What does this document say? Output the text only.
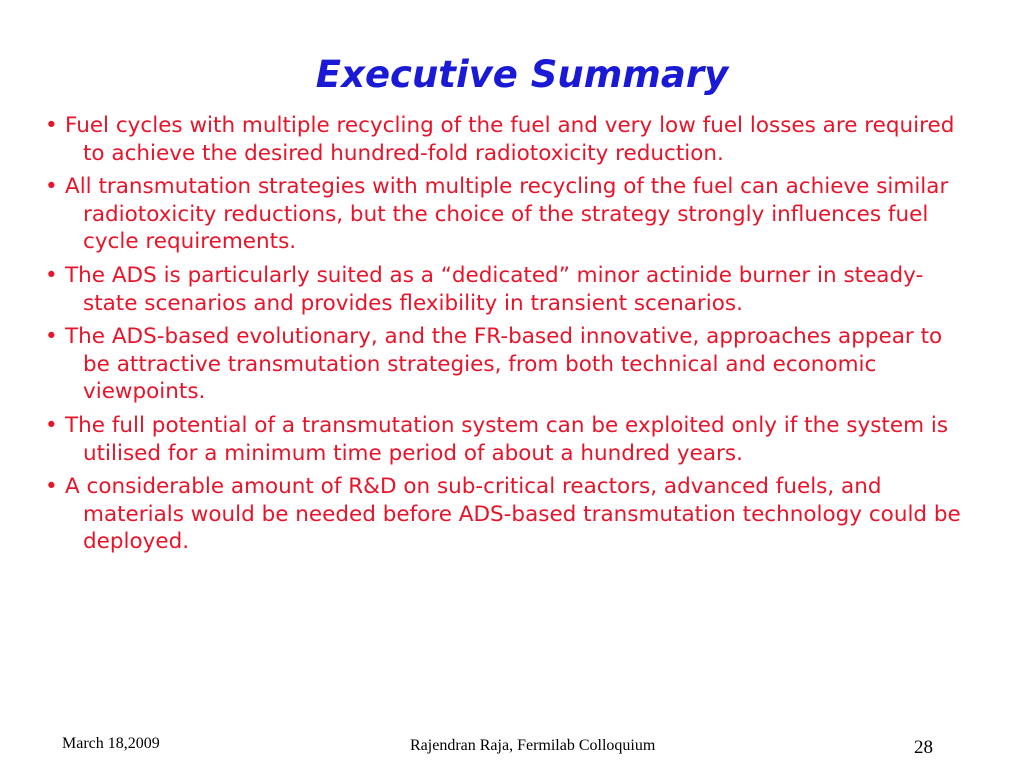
Executive Summary
• Fuel cycles with multiple recycling of the fuel and very low fuel losses are required to achieve the desired hundred-fold radiotoxicity reduction.
• All transmutation strategies with multiple recycling of the fuel can achieve similar radiotoxicity reductions, but the choice of the strategy strongly influences fuel cycle requirements.
• The ADS is particularly suited as a “dedicated” minor actinide burner in steady-state scenarios and provides flexibility in transient scenarios.
• The ADS-based evolutionary, and the FR-based innovative, approaches appear to be attractive transmutation strategies, from both technical and economic viewpoints.
• The full potential of a transmutation system can be exploited only if the system is utilised for a minimum time period of about a hundred years.
• A considerable amount of R&D on sub-critical reactors, advanced fuels, and materials would be needed before ADS-based transmutation technology could be deployed.
March 18,2009	Rajendran Raja, Fermilab Colloquium	28
